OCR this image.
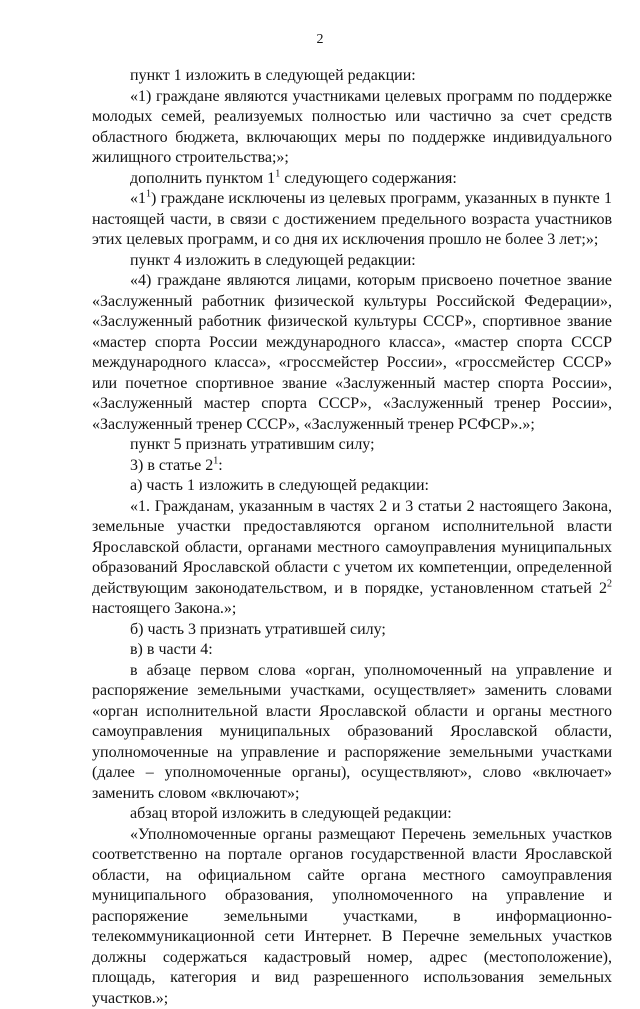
2

пункт 1 изложить в следующей редакции:

«1) граждане являются участниками целевых программ по поддержке молодых семей, реализуемых полностью или частично за счет средств областного бюджета, включающих меры по поддержке индивидуального жилищного строительства;»;

дополнить пунктом $1^1$ следующего содержания:

«$1^1$) граждане исключены из целевых программ, указанных в пункте 1 настоящей части, в связи с достижением предельного возраста участников этих целевых программ, и со дня их исключения прошло не более 3 лет;»;

пункт 4 изложить в следующей редакции:

«4) граждане являются лицами, которым присвоено почетное звание «Заслуженный работник физической культуры Российской Федерации», «Заслуженный работник физической культуры СССР», спортивное звание «мастер спорта России международного класса», «мастер спорта СССР международного класса», «гроссмейстер России», «гроссмейстер СССР» или почетное спортивное звание «Заслуженный мастер спорта России», «Заслуженный мастер спорта СССР», «Заслуженный тренер России», «Заслуженный тренер СССР», «Заслуженный тренер РСФСР».»;

пункт 5 признать утратившим силу;

3) в статье $2^1$:

а) часть 1 изложить в следующей редакции:

«1. Гражданам, указанным в частях 2 и 3 статьи 2 настоящего Закона, земельные участки предоставляются органом исполнительной власти Ярославской области, органами местного самоуправления муниципальных образований Ярославской области с учетом их компетенции, определенной действующим законодательством, и в порядке, установленном статьей $2^2$ настоящего Закона.»;

б) часть 3 признать утратившей силу;

в) в части 4:

в абзаце первом слова «орган, уполномоченный на управление и распоряжение земельными участками, осуществляет» заменить словами «орган исполнительной власти Ярославской области и органы местного самоуправления муниципальных образований Ярославской области, уполномоченные на управление и распоряжение земельными участками (далее – уполномоченные органы), осуществляют», слово «включает» заменить словом «включают»;

абзац второй изложить в следующей редакции:

«Уполномоченные органы размещают Перечень земельных участков соответственно на портале органов государственной власти Ярославской области, на официальном сайте органа местного самоуправления муниципального образования, уполномоченного на управление и распоряжение земельными участками, в информационно-телекоммуникационной сети Интернет. В Перечне земельных участков должны содержаться кадастровый номер, адрес (местоположение), площадь, категория и вид разрешенного использования земельных участков.»;
